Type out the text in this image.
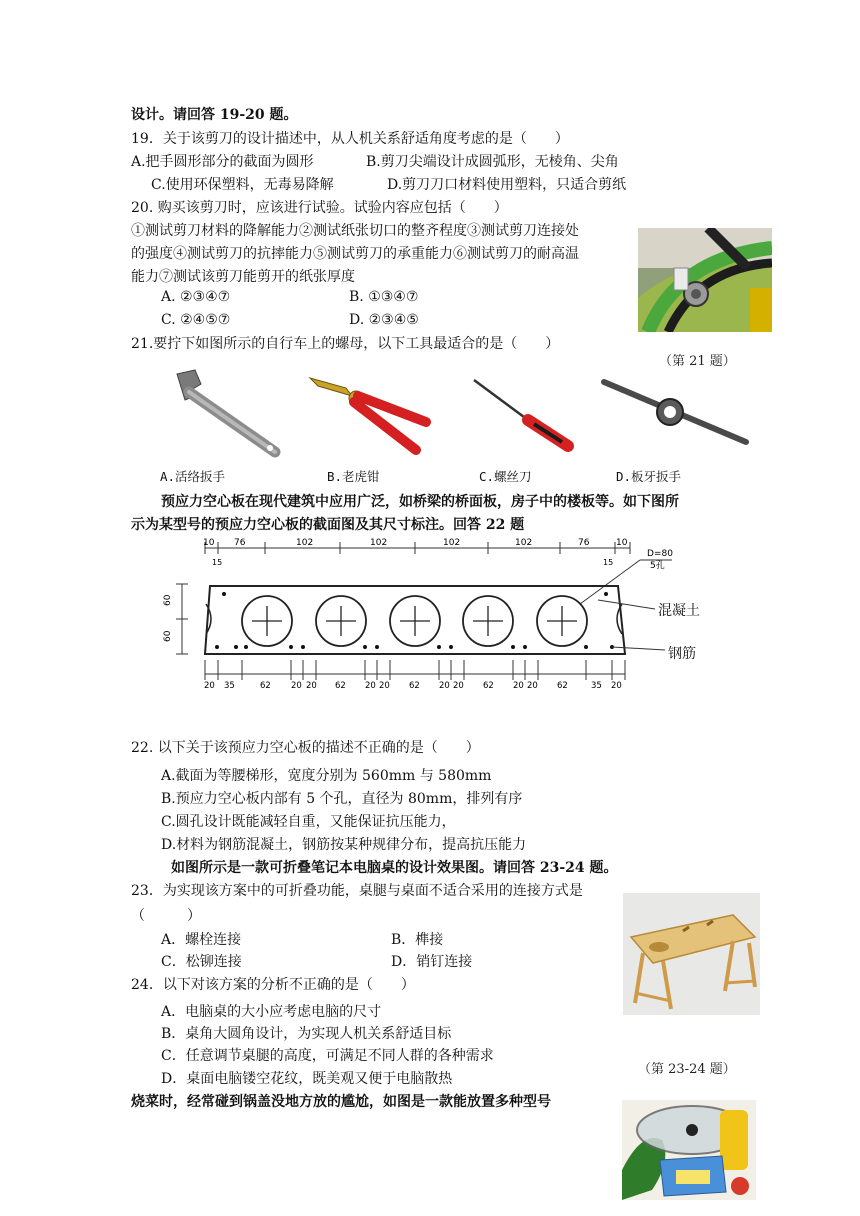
设计。请回答 19-20 题。
19．关于该剪刀的设计描述中，从人机关系舒适角度考虑的是（　　）
A.把手圆形部分的截面为圆形	B.剪刀尖端设计成圆弧形，无棱角、尖角
C.使用环保塑料，无毒易降解	D.剪刀刀口材料使用塑料，只适合剪纸
20. 购买该剪刀时，应该进行试验。试验内容应包括（　　）
①测试剪刀材料的降解能力②测试纸张切口的整齐程度③测试剪刀连接处
的强度④测试剪刀的抗摔能力⑤测试剪刀的承重能力⑥测试剪刀的耐高温
能力⑦测试该剪刀能剪开的纸张厚度
A. ②③④⑦	B. ①③④⑦
C. ②④⑤⑦	D. ②③④⑤
21.要拧下如图所示的自行车上的螺母，以下工具最适合的是（　　）
（第 21 题）
A.活络扳手	B.老虎钳	C.螺丝刀	D.板牙扳手
预应力空心板在现代建筑中应用广泛，如桥梁的桥面板，房子中的楼板等。如下图所
示为某型号的预应力空心板的截面图及其尺寸标注。回答 22 题
10 76	102	102	102	102	76	10
15	15
D=80
5孔
60
60
20 35	62 20 20 62 20 20 62 20 20 62 20 20 62	35 20
混凝土
钢筋
22. 以下关于该预应力空心板的描述不正确的是（　　）
A.截面为等腰梯形，宽度分别为 560mm 与 580mm
B.预应力空心板内部有 5 个孔，直径为 80mm，排列有序
C.圆孔设计既能减轻自重，又能保证抗压能力，
D.材料为钢筋混凝土，钢筋按某种规律分布，提高抗压能力
如图所示是一款可折叠笔记本电脑桌的设计效果图。请回答 23-24 题。
23．为实现该方案中的可折叠功能，桌腿与桌面不适合采用的连接方式是
（　　　）
A．螺栓连接	B．榫接
C．松铆连接	D．销钉连接
24．以下对该方案的分析不正确的是（　　）
A．电脑桌的大小应考虑电脑的尺寸
B．桌角大圆角设计，为实现人机关系舒适目标
C．任意调节桌腿的高度，可满足不同人群的各种需求
D．桌面电脑镂空花纹，既美观又便于电脑散热
（第 23-24 题）
烧菜时，经常碰到锅盖没地方放的尴尬，如图是一款能放置多种型号
